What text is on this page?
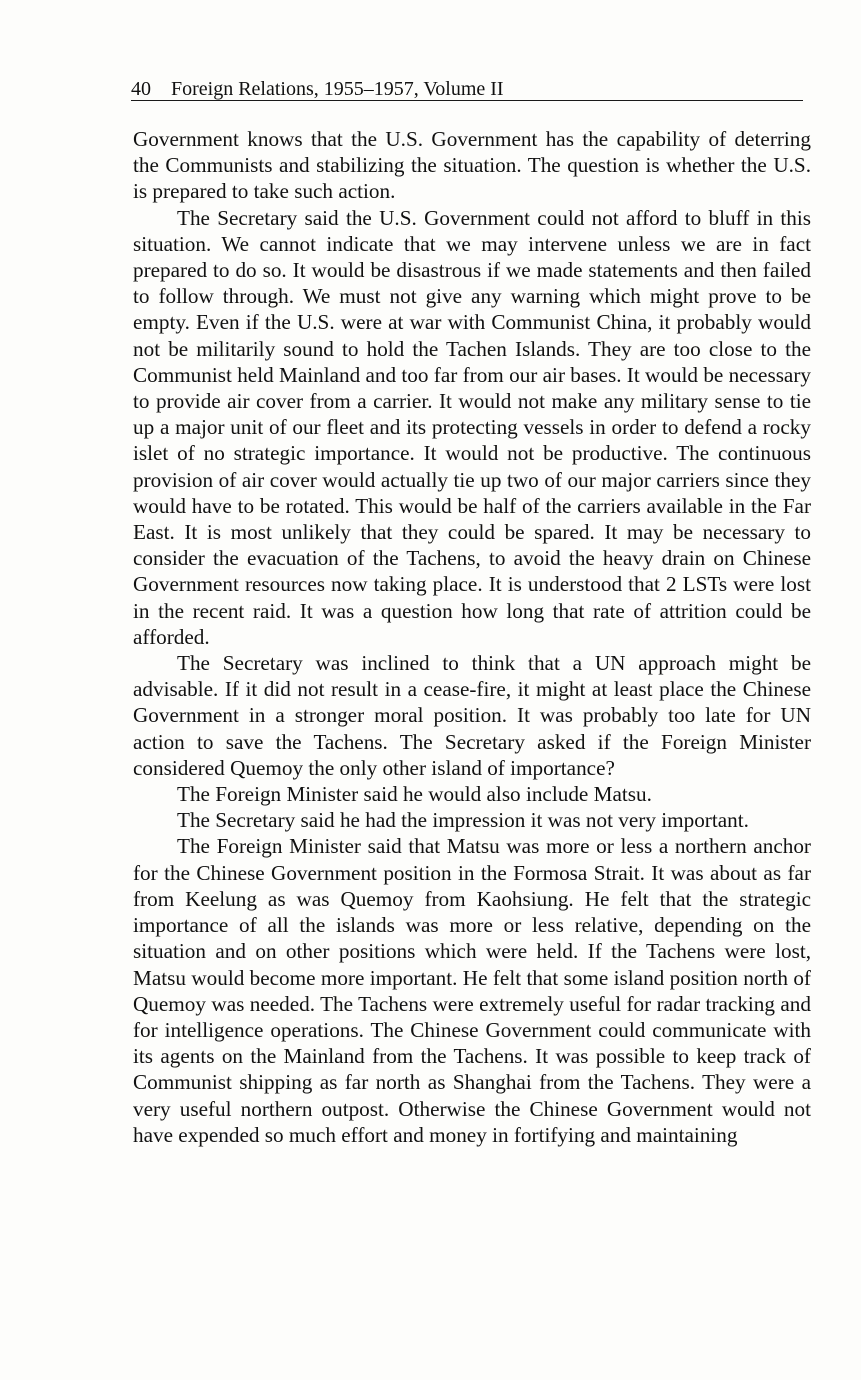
40 Foreign Relations, 1955–1957, Volume II

Government knows that the U.S. Government has the capability of deterring the Communists and stabilizing the situation. The question is whether the U.S. is prepared to take such action.

The Secretary said the U.S. Government could not afford to bluff in this situation. We cannot indicate that we may intervene unless we are in fact prepared to do so. It would be disastrous if we made statements and then failed to follow through. We must not give any warning which might prove to be empty. Even if the U.S. were at war with Communist China, it probably would not be militarily sound to hold the Tachen Islands. They are too close to the Communist held Mainland and too far from our air bases. It would be necessary to provide air cover from a carrier. It would not make any military sense to tie up a major unit of our fleet and its protecting vessels in order to defend a rocky islet of no strategic importance. It would not be productive. The continuous provision of air cover would actually tie up two of our major carriers since they would have to be rotated. This would be half of the carriers available in the Far East. It is most unlikely that they could be spared. It may be necessary to consider the evacuation of the Tachens, to avoid the heavy drain on Chinese Government resources now taking place. It is understood that 2 LSTs were lost in the recent raid. It was a question how long that rate of attrition could be afforded.

The Secretary was inclined to think that a UN approach might be advisable. If it did not result in a cease-fire, it might at least place the Chinese Government in a stronger moral position. It was probably too late for UN action to save the Tachens. The Secretary asked if the Foreign Minister considered Quemoy the only other island of importance?

The Foreign Minister said he would also include Matsu.

The Secretary said he had the impression it was not very important.

The Foreign Minister said that Matsu was more or less a northern anchor for the Chinese Government position in the Formosa Strait. It was about as far from Keelung as was Quemoy from Kaohsiung. He felt that the strategic importance of all the islands was more or less relative, depending on the situation and on other positions which were held. If the Tachens were lost, Matsu would become more important. He felt that some island position north of Quemoy was needed. The Tachens were extremely useful for radar tracking and for intelligence operations. The Chinese Government could communicate with its agents on the Mainland from the Tachens. It was possible to keep track of Communist shipping as far north as Shanghai from the Tachens. They were a very useful northern outpost. Otherwise the Chinese Government would not have expended so much effort and money in fortifying and maintaining
